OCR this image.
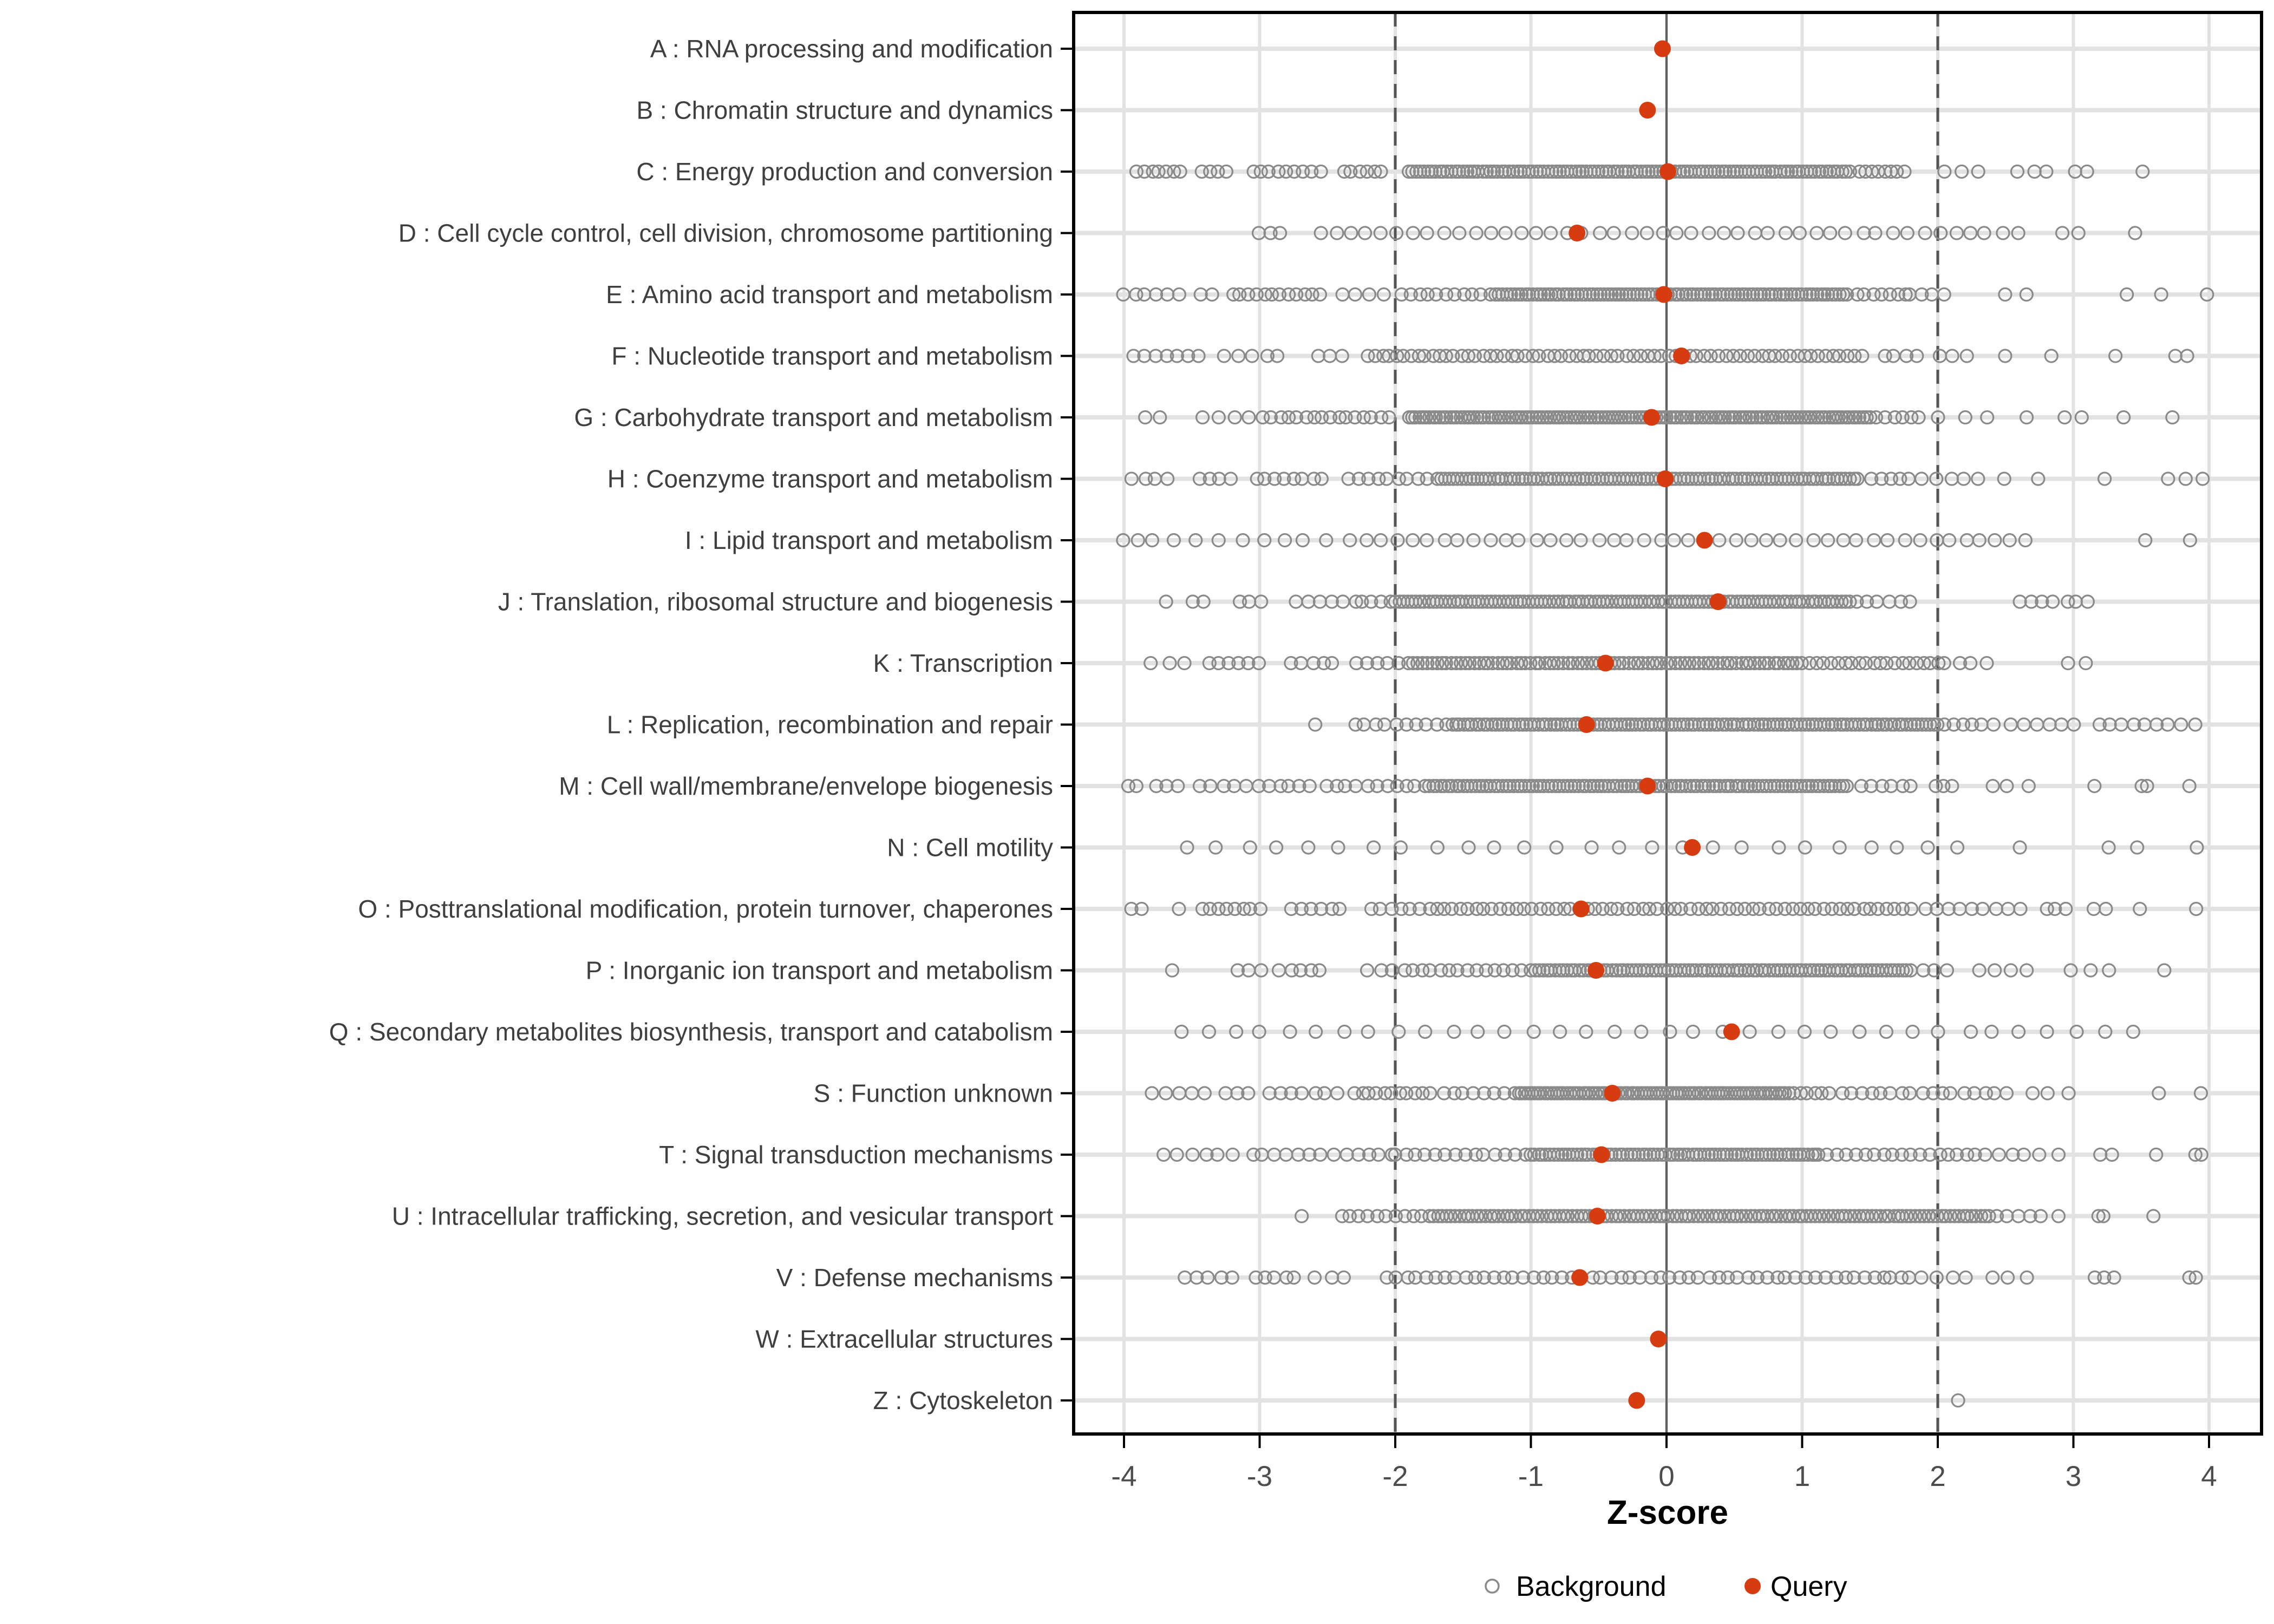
-4	-3	-2	-1	0	1	2	3	4
A : RNA processing and modification
B : Chromatin structure and dynamics
C : Energy production and conversion
D : Cell cycle control, cell division, chromosome partitioning
E : Amino acid transport and metabolism
F : Nucleotide transport and metabolism
G : Carbohydrate transport and metabolism
H : Coenzyme transport and metabolism
I : Lipid transport and metabolism
J : Translation, ribosomal structure and biogenesis
K : Transcription
L : Replication, recombination and repair
M : Cell wall/membrane/envelope biogenesis
N : Cell motility
O : Posttranslational modification, protein turnover, chaperones
P : Inorganic ion transport and metabolism
Q : Secondary metabolites biosynthesis, transport and catabolism
S : Function unknown
T : Signal transduction mechanisms
U : Intracellular trafficking, secretion, and vesicular transport
V : Defense mechanisms
W : Extracellular structures
Z : Cytoskeleton
Z-score
Background	Query
